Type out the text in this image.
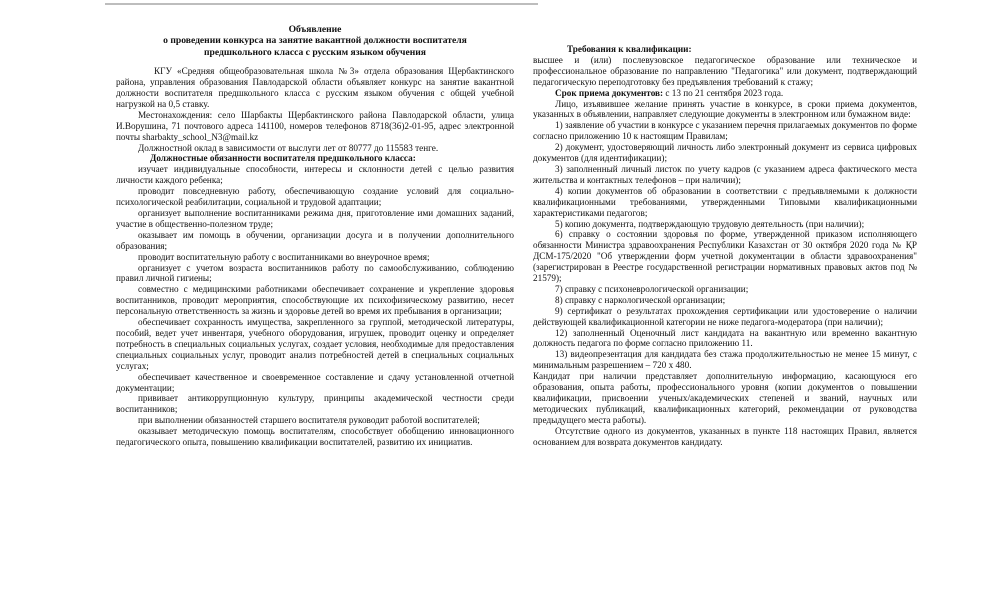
Объявление
о проведении конкурса на занятие вакантной должности воспитателя
предшкольного класса с русским языком обучения

КГУ «Средняя общеобразовательная школа №3» отдела образования Щербактинского района, управления образования Павлодарской области объявляет конкурс на занятие вакантной должности воспитателя предшкольного класса с русским языком обучения с общей учебной нагрузкой на 0,5 ставку.

Местонахождения: село Шарбакты Щербактинского района Павлодарской области, улица И.Ворушина, 71 почтового адреса 141100, номеров телефонов 8718(36)2-01-95, адрес электронной почты sharbakty_school_N3@mail.kz

Должностной оклад в зависимости от выслуги лет от 80777 до 115583 тенге.

Должностные обязанности воспитателя предшкольного класса:

изучает индивидуальные способности, интересы и склонности детей с целью развития личности каждого ребенка;

проводит повседневную работу, обеспечивающую создание условий для социально-психологической реабилитации, социальной и трудовой адаптации;

организует выполнение воспитанниками режима дня, приготовление ими домашних заданий, участие в общественно-полезном труде;

оказывает им помощь в обучении, организации досуга и в получении дополнительного образования;

проводит воспитательную работу с воспитанниками во внеурочное время;

организует с учетом возраста воспитанников работу по самообслуживанию, соблюдению правил личной гигиены;

совместно с медицинскими работниками обеспечивает сохранение и укрепление здоровья воспитанников, проводит мероприятия, способствующие их психофизическому развитию, несет персональную ответственность за жизнь и здоровье детей во время их пребывания в организации;

обеспечивает сохранность имущества, закрепленного за группой, методической литературы, пособий, ведет учет инвентаря, учебного оборудования, игрушек, проводит оценку и определяет потребность в специальных социальных услугах, создает условия, необходимые для предоставления специальных социальных услуг, проводит анализ потребностей детей в специальных социальных услугах;

обеспечивает качественное и своевременное составление и сдачу установленной отчетной документации;

прививает антикоррупционную культуру, принципы академической честности среди воспитанников;

при выполнении обязанностей старшего воспитателя руководит работой воспитателей;

оказывает методическую помощь воспитателям, способствует обобщению инновационного педагогического опыта, повышению квалификации воспитателей, развитию их инициатив.

Требования к квалификации:

высшее и (или) послевузовское педагогическое образование или техническое и профессиональное образование по направлению "Педагогика" или документ, подтверждающий педагогическую переподготовку без предъявления требований к стажу;

Срок приема документов: с 13 по 21 сентября 2023 года.

Лицо, изъявившее желание принять участие в конкурсе, в сроки приема документов, указанных в объявлении, направляет следующие документы в электронном или бумажном виде:

1) заявление об участии в конкурсе с указанием перечня прилагаемых документов по форме согласно приложению 10 к настоящим Правилам;

2) документ, удостоверяющий личность либо электронный документ из сервиса цифровых документов (для идентификации);

3) заполненный личный листок по учету кадров (с указанием адреса фактического места жительства и контактных телефонов – при наличии);

4) копии документов об образовании в соответствии с предъявляемыми к должности квалификационными требованиями, утвержденными Типовыми квалификационными характеристиками педагогов;

5) копию документа, подтверждающую трудовую деятельность (при наличии);

6) справку о состоянии здоровья по форме, утвержденной приказом исполняющего обязанности Министра здравоохранения Республики Казахстан от 30 октября 2020 года № ҚР ДСМ-175/2020 "Об утверждении форм учетной документации в области здравоохранения" (зарегистрирован в Реестре государственной регистрации нормативных правовых актов под № 21579);

7) справку с психоневрологической организации;

8) справку с наркологической организации;

9) сертификат о результатах прохождения сертификации или удостоверение о наличии действующей квалификационной категории не ниже педагога-модератора (при наличии);

12) заполненный Оценочный лист кандидата на вакантную или временно вакантную должность педагога по форме согласно приложению 11.

13) видеопрезентация для кандидата без стажа продолжительностью не менее 15 минут, с минимальным разрешением – 720 х 480.

Кандидат при наличии представляет дополнительную информацию, касающуюся его образования, опыта работы, профессионального уровня (копии документов о повышении квалификации, присвоении ученых/академических степеней и званий, научных или методических публикаций, квалификационных категорий, рекомендации от руководства предыдущего места работы).

Отсутствие одного из документов, указанных в пункте 118 настоящих Правил, является основанием для возврата документов кандидату.
